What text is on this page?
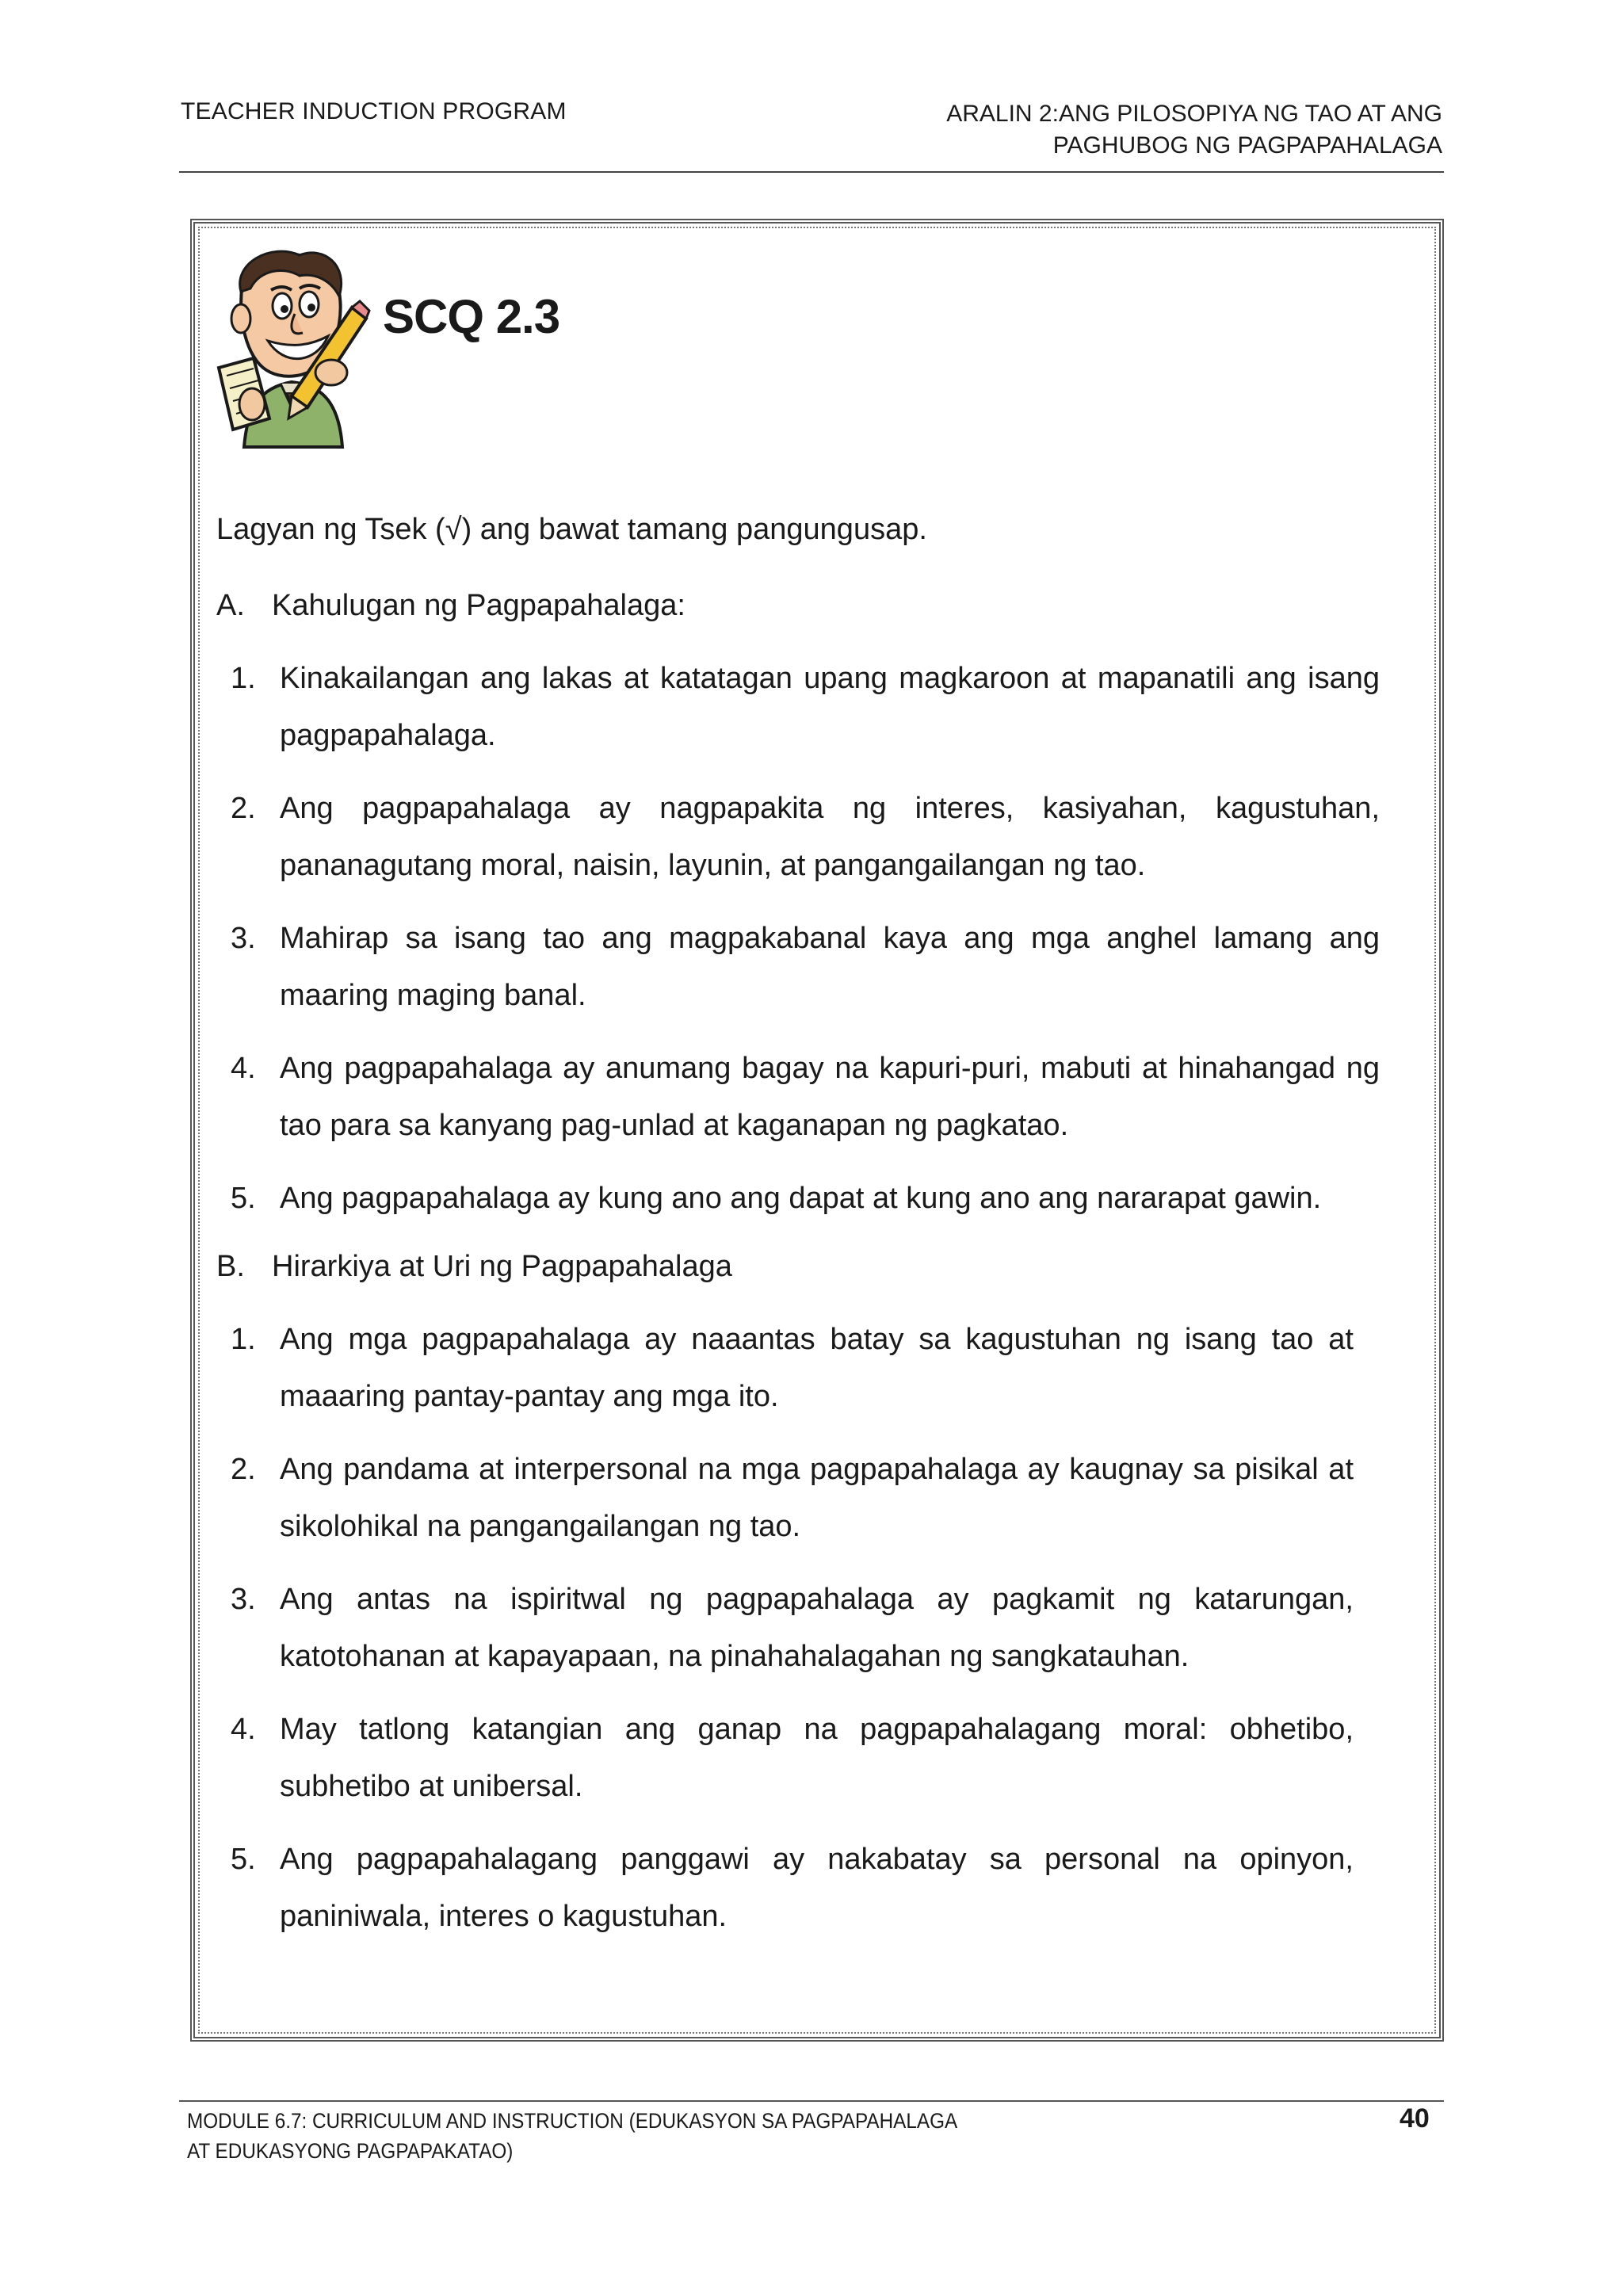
TEACHER INDUCTION PROGRAM	ARALIN 2:ANG PILOSOPIYA NG TAO AT ANG
PAGHUBOG NG PAGPAPAHALAGA
SCQ 2.3

Lagyan ng Tsek (√) ang bawat tamang pangungusap.

A. Kahulugan ng Pagpapahalaga:

1. Kinakailangan ang lakas at katatagan upang magkaroon at mapanatili ang isang pagpapahalaga.
2. Ang pagpapahalaga ay nagpapakita ng interes, kasiyahan, kagustuhan, pananagutang moral, naisin, layunin, at pangangailangan ng tao.
3. Mahirap sa isang tao ang magpakabanal kaya ang mga anghel lamang ang maaring maging banal.
4. Ang pagpapahalaga ay anumang bagay na kapuri-puri, mabuti at hinahangad ng tao para sa kanyang pag-unlad at kaganapan ng pagkatao.
5. Ang pagpapahalaga ay kung ano ang dapat at kung ano ang nararapat gawin.

B. Hirarkiya at Uri ng Pagpapahalaga

1. Ang mga pagpapahalaga ay naaantas batay sa kagustuhan ng isang tao at maaaring pantay-pantay ang mga ito.
2. Ang pandama at interpersonal na mga pagpapahalaga ay kaugnay sa pisikal at sikolohikal na pangangailangan ng tao.
3. Ang antas na ispiritwal ng pagpapahalaga ay pagkamit ng katarungan, katotohanan at kapayapaan, na pinahahalagahan ng sangkatauhan.
4. May tatlong katangian ang ganap na pagpapahalagang moral: obhetibo, subhetibo at unibersal.
5. Ang pagpapahalagang panggawi ay nakabatay sa personal na opinyon, paniniwala, interes o kagustuhan.
MODULE 6.7: CURRICULUM AND INSTRUCTION (EDUKASYON SA PAGPAPAHALAGA
AT EDUKASYONG PAGPAPAKATAO)
40
